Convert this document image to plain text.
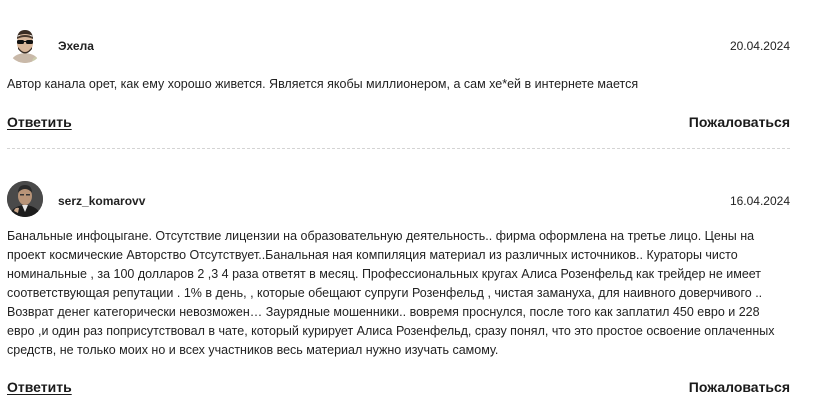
Эхела	20.04.2024

Автор канала орет, как ему хорошо живется. Является якобы миллионером, а сам хе*ей в интернете мается

Ответить	Пожаловаться
serz_komarovv	16.04.2024

Банальные инфоцыгане. Отсутствие лицензии на образовательную деятельность.. фирма оформлена на третье лицо. Цены на проект космические Авторство Отсутствует..Банальная ная компиляция материал из различных источников.. Кураторы чисто номинальные , за 100 долларов 2 ,3 4 раза ответят в месяц. Профессиональных кругах Алиса Розенфельд как трейдер не имеет соответствующая репутации . 1% в день, , которые обещают супруги Розенфельд , чистая замануха, для наивного доверчивого .. Возврат денег категорически невозможен… Заурядные мошенники.. вовремя проснулся, после того как заплатил 450 евро и 228 евро ,и один раз поприсутствовал в чате, который курирует Алиса Розенфельд, сразу понял, что это простое освоение оплаченных средств, не только моих но и всех участников весь материал нужно изучать самому.

Ответить	Пожаловаться
